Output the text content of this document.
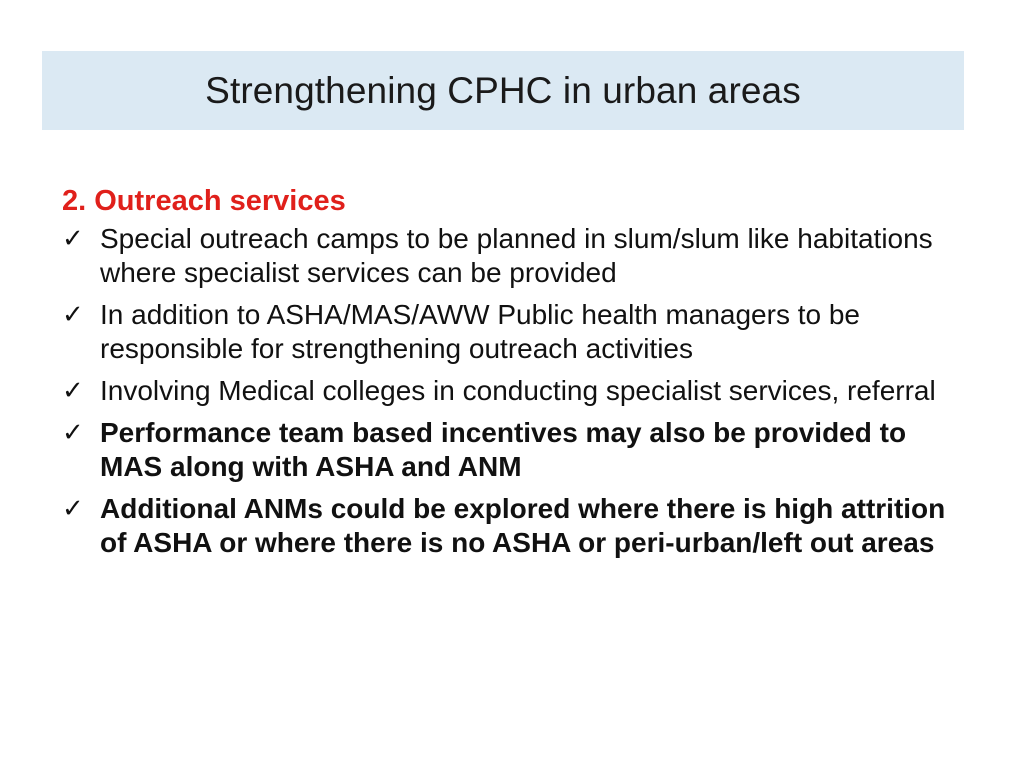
Strengthening CPHC in urban areas
2. Outreach services
✓ Special outreach camps to be planned in slum/slum like habitations where specialist services can be provided
✓ In addition to ASHA/MAS/AWW Public health managers to be responsible for strengthening outreach activities
✓ Involving Medical colleges in conducting specialist services, referral
✓ Performance team based incentives may also be provided to MAS along with ASHA and ANM
✓ Additional ANMs could be explored where there is high attrition of ASHA or where there is no ASHA or peri-urban/left out areas
